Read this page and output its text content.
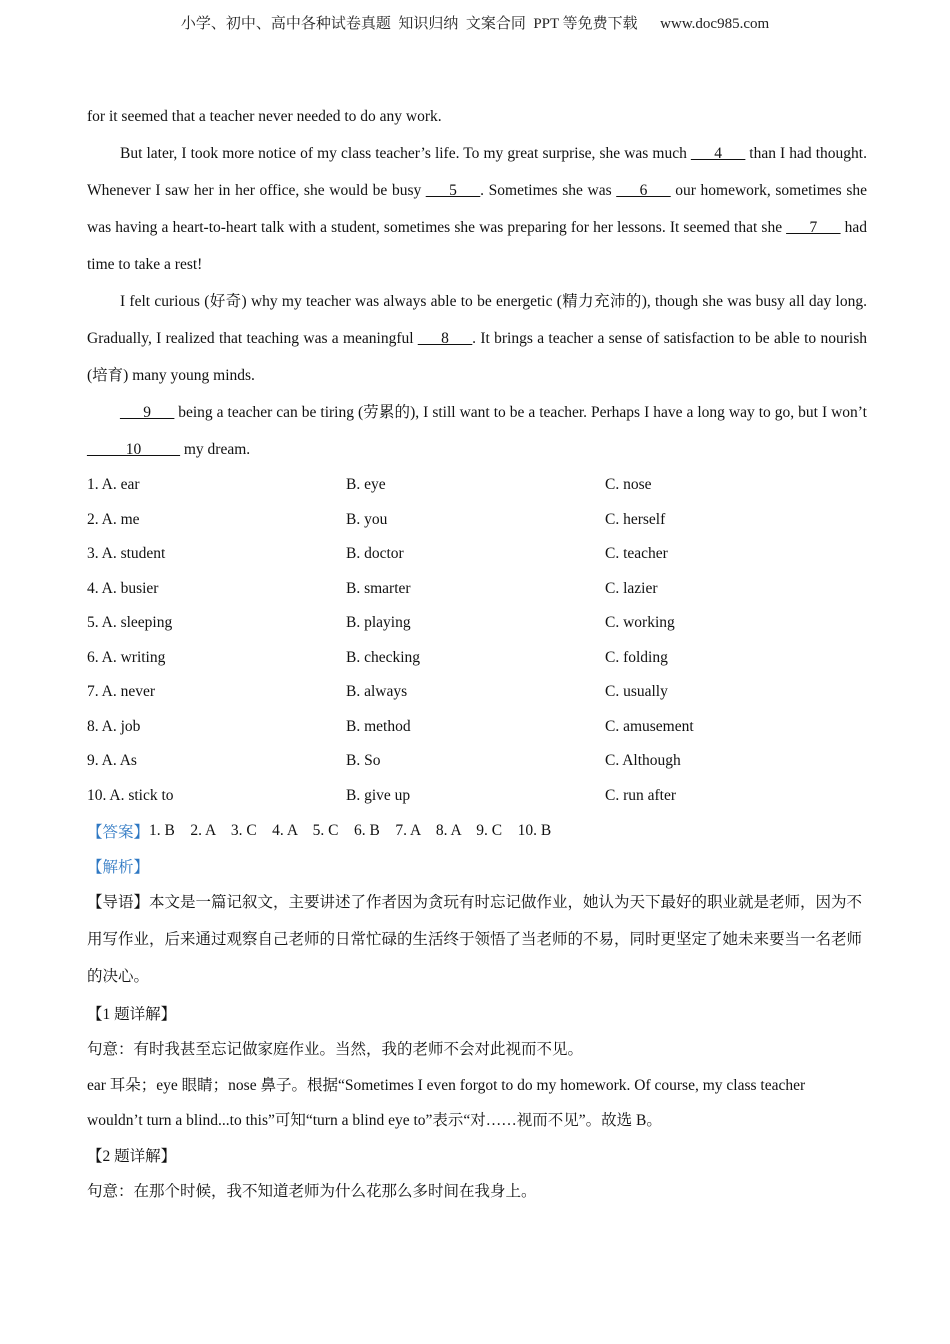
小学、初中、高中各种试卷真题  知识归纳  文案合同  PPT 等免费下载      www.doc985.com

for it seemed that a teacher never needed to do any work.

But later, I took more notice of my class teacher’s life. To my great surprise, she was much ___4___ than I had thought. Whenever I saw her in her office, she would be busy ___5___. Sometimes she was ___6___ our homework, sometimes she was having a heart-to-heart talk with a student, sometimes she was preparing for her lessons. It seemed that she ___7___ had time to take a rest!

I felt curious (好奇) why my teacher was always able to be energetic (精力充沛的), though she was busy all day long. Gradually, I realized that teaching was a meaningful ___8___. It brings a teacher a sense of satisfaction to be able to nourish (培育) many young minds.

___9___ being a teacher can be tiring (劳累的), I still want to be a teacher. Perhaps I have a long way to go, but I won’t _____10_____ my dream.

1. A. ear	B. eye	C. nose
2. A. me	B. you	C. herself
3. A. student	B. doctor	C. teacher
4. A. busier	B. smarter	C. lazier
5. A. sleeping	B. playing	C. working
6. A. writing	B. checking	C. folding
7. A. never	B. always	C. usually
8. A. job	B. method	C. amusement
9. A. As	B. So	C. Although
10. A. stick to	B. give up	C. run after
【答案】 1. B    2. A    3. C    4. A    5. C    6. B    7. A    8. A    9. C    10. B
【解析】

【导语】本文是一篇记叙文，主要讲述了作者因为贪玩有时忘记做作业，她认为天下最好的职业就是老师，因为不用写作业，后来通过观察自己老师的日常忙碌的生活终于领悟了当老师的不易，同时更坚定了她未来要当一名老师的决心。

【1 题详解】
句意：有时我甚至忘记做家庭作业。当然，我的老师不会对此视而不见。
ear 耳朵；eye 眼睛；nose 鼻子。根据“Sometimes I even forgot to do my homework. Of course, my class teacher
wouldn’t turn a blind...to this”可知“turn a blind eye to”表示“对……视而不见”。故选 B。
【2 题详解】
句意：在那个时候，我不知道老师为什么花那么多时间在我身上。
